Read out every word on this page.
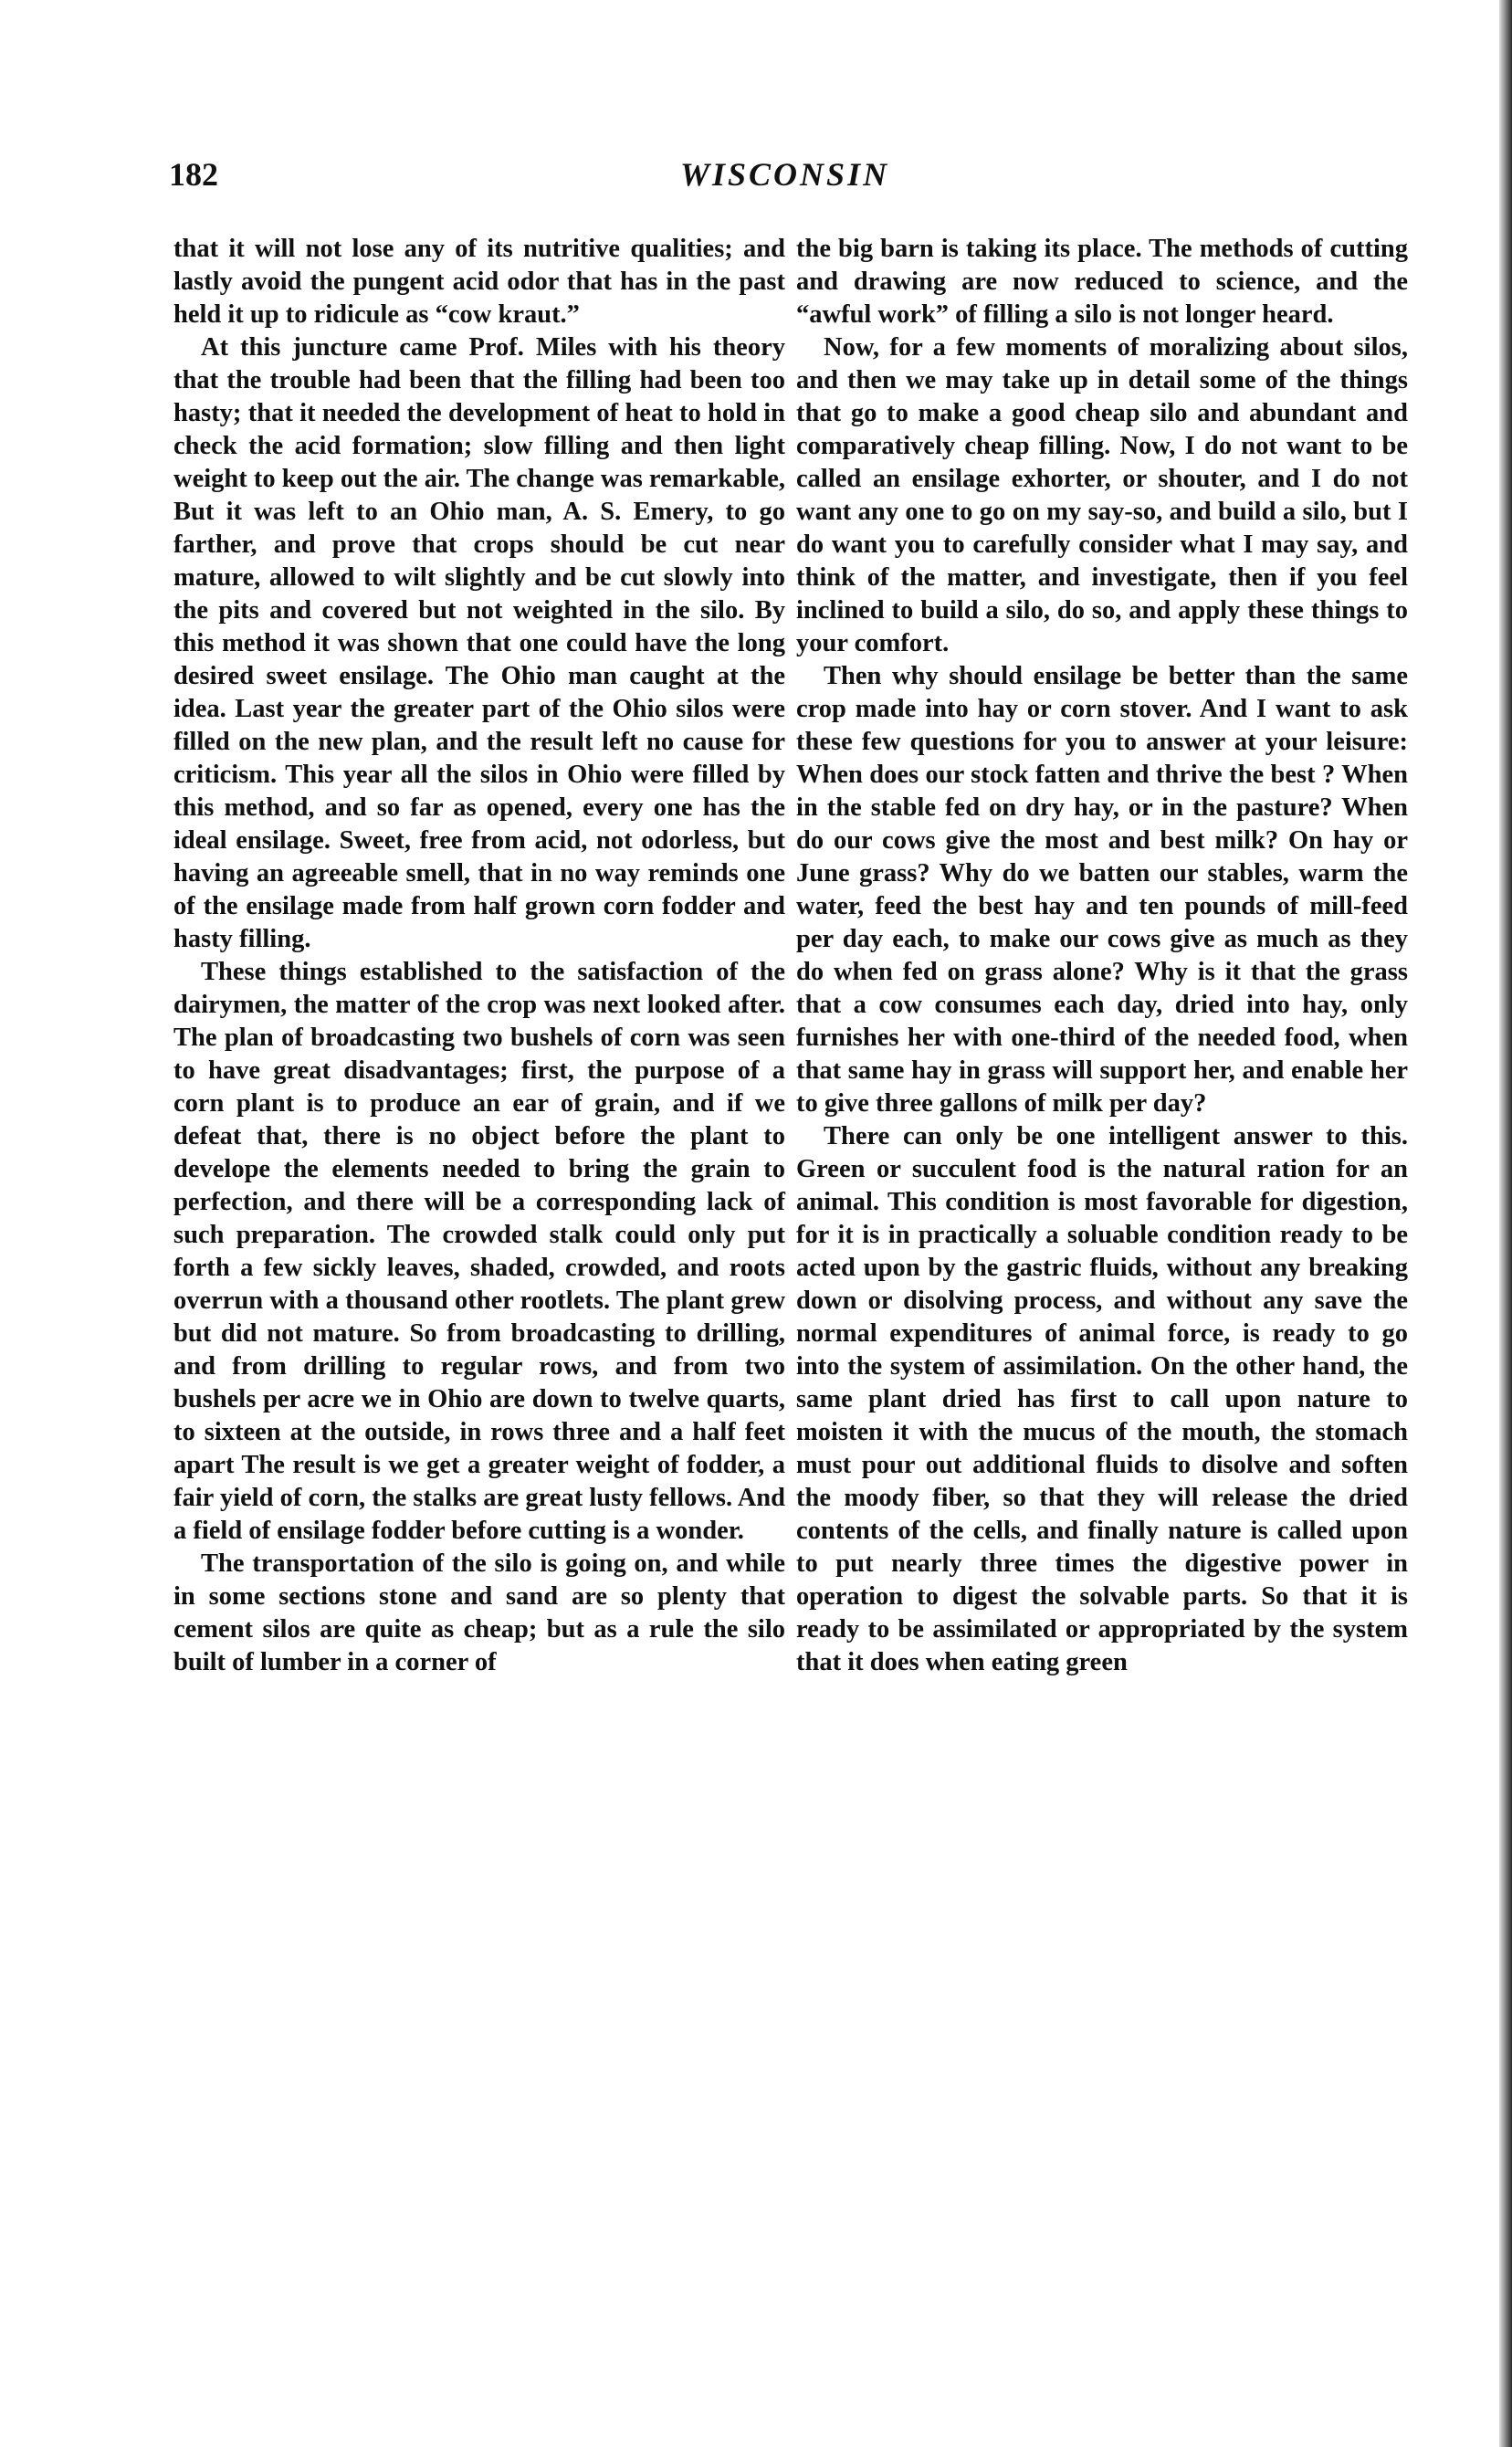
182	WISCONSIN

that it will not lose any of its nutritive qualities; and lastly avoid the pungent acid odor that has in the past held it up to ridicule as “cow kraut.”

At this juncture came Prof. Miles with his theory that the trouble had been that the filling had been too hasty; that it needed the development of heat to hold in check the acid formation; slow filling and then light weight to keep out the air. The change was remarkable, But it was left to an Ohio man, A. S. Emery, to go farther, and prove that crops should be cut near mature, allowed to wilt slightly and be cut slowly into the pits and covered but not weighted in the silo. By this method it was shown that one could have the long desired sweet ensilage. The Ohio man caught at the idea. Last year the greater part of the Ohio silos were filled on the new plan, and the result left no cause for criticism. This year all the silos in Ohio were filled by this method, and so far as opened, every one has the ideal ensilage. Sweet, free from acid, not odorless, but having an agreeable smell, that in no way reminds one of the ensilage made from half grown corn fodder and hasty filling.

These things established to the satisfaction of the dairymen, the matter of the crop was next looked after. The plan of broadcasting two bushels of corn was seen to have great disadvantages; first, the purpose of a corn plant is to produce an ear of grain, and if we defeat that, there is no object before the plant to develope the elements needed to bring the grain to perfection, and there will be a corresponding lack of such preparation. The crowded stalk could only put forth a few sickly leaves, shaded, crowded, and roots overrun with a thousand other rootlets. The plant grew but did not mature. So from broadcasting to drilling, and from drilling to regular rows, and from two bushels per acre we in Ohio are down to twelve quarts, to sixteen at the outside, in rows three and a half feet apart The result is we get a greater weight of fodder, a fair yield of corn, the stalks are great lusty fellows. And a field of ensilage fodder before cutting is a wonder.

The transportation of the silo is going on, and while in some sections stone and sand are so plenty that cement silos are quite as cheap; but as a rule the silo built of lumber in a corner of

the big barn is taking its place. The methods of cutting and drawing are now reduced to science, and the “awful work” of filling a silo is not longer heard.

Now, for a few moments of moralizing about silos, and then we may take up in detail some of the things that go to make a good cheap silo and abundant and comparatively cheap filling. Now, I do not want to be called an ensilage exhorter, or shouter, and I do not want any one to go on my say-so, and build a silo, but I do want you to carefully consider what I may say, and think of the matter, and investigate, then if you feel inclined to build a silo, do so, and apply these things to your comfort.

Then why should ensilage be better than the same crop made into hay or corn stover. And I want to ask these few questions for you to answer at your leisure: When does our stock fatten and thrive the best ? When in the stable fed on dry hay, or in the pasture? When do our cows give the most and best milk? On hay or June grass? Why do we batten our stables, warm the water, feed the best hay and ten pounds of mill-feed per day each, to make our cows give as much as they do when fed on grass alone? Why is it that the grass that a cow consumes each day, dried into hay, only furnishes her with one-third of the needed food, when that same hay in grass will support her, and enable her to give three gallons of milk per day?

There can only be one intelligent answer to this. Green or succulent food is the natural ration for an animal. This condition is most favorable for digestion, for it is in practically a soluable condition ready to be acted upon by the gastric fluids, without any breaking down or disolving process, and without any save the normal expenditures of animal force, is ready to go into the system of assimilation. On the other hand, the same plant dried has first to call upon nature to moisten it with the mucus of the mouth, the stomach must pour out additional fluids to disolve and soften the moody fiber, so that they will release the dried contents of the cells, and finally nature is called upon to put nearly three times the digestive power in operation to digest the solvable parts. So that it is ready to be assimilated or appropriated by the system that it does when eating green
